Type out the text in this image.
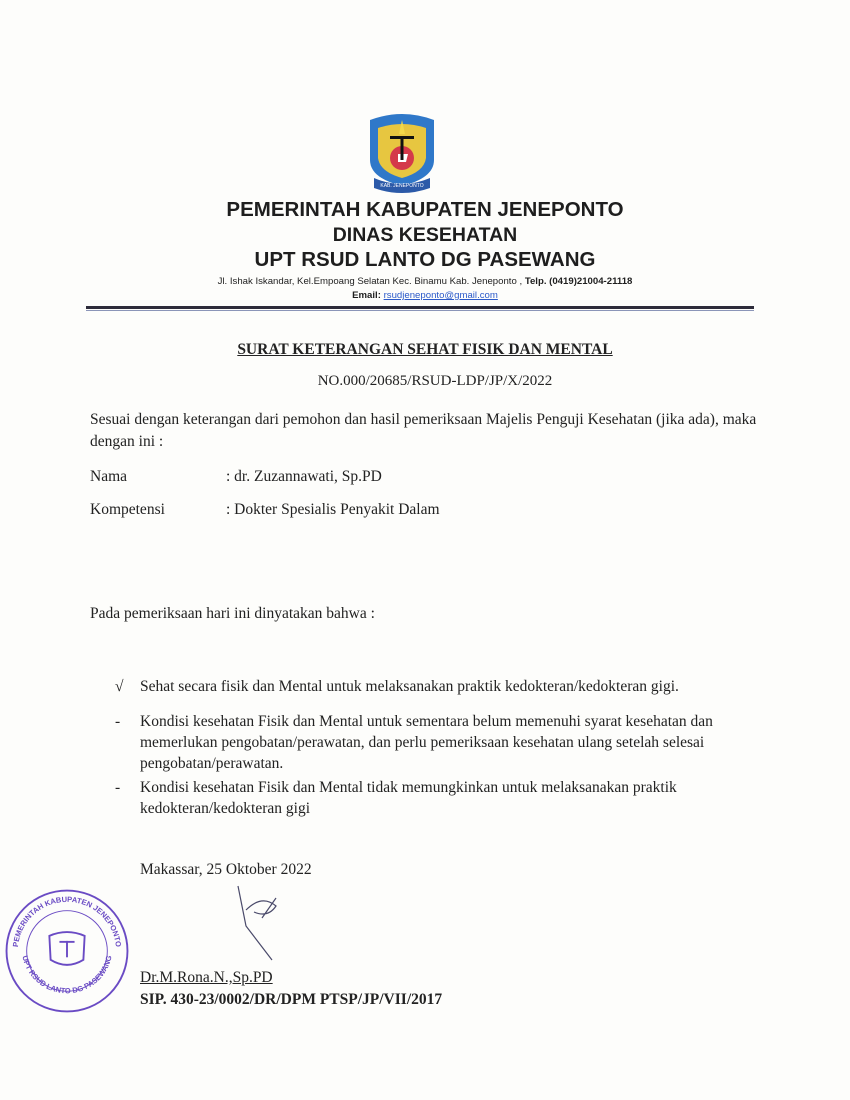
KAB. JENEPONTO
PEMERINTAH KABUPATEN JENEPONTO
DINAS KESEHATAN
UPT RSUD LANTO DG PASEWANG
Jl. Ishak Iskandar, Kel.Empoang Selatan Kec. Binamu Kab. Jeneponto , Telp. (0419)21004-21118
Email: rsudjeneponto@gmail.com
SURAT KETERANGAN SEHAT FISIK DAN MENTAL
NO.000/20685/RSUD-LDP/JP/X/2022
Sesuai dengan keterangan dari pemohon dan hasil pemeriksaan Majelis Penguji Kesehatan (jika ada), maka dengan ini :
Nama	: dr. Zuzannawati, Sp.PD
Kompetensi	: Dokter Spesialis Penyakit Dalam
Pada pemeriksaan hari ini dinyatakan bahwa :
√	Sehat secara fisik dan Mental untuk melaksanakan praktik kedokteran/kedokteran gigi.
-	Kondisi kesehatan Fisik dan Mental untuk sementara belum memenuhi syarat kesehatan dan memerlukan pengobatan/perawatan, dan perlu pemeriksaan kesehatan ulang setelah selesai pengobatan/perawatan.
-	Kondisi kesehatan Fisik dan Mental tidak memungkinkan untuk melaksanakan praktik kedokteran/kedokteran gigi
Makassar, 25 Oktober 2022
PEMERINTAH KABUPATEN JENEPONTO
UPT RSUD LANTO DG PASEWANG
Dr.M.Rona.N.,Sp.PD
SIP. 430-23/0002/DR/DPM PTSP/JP/VII/2017
